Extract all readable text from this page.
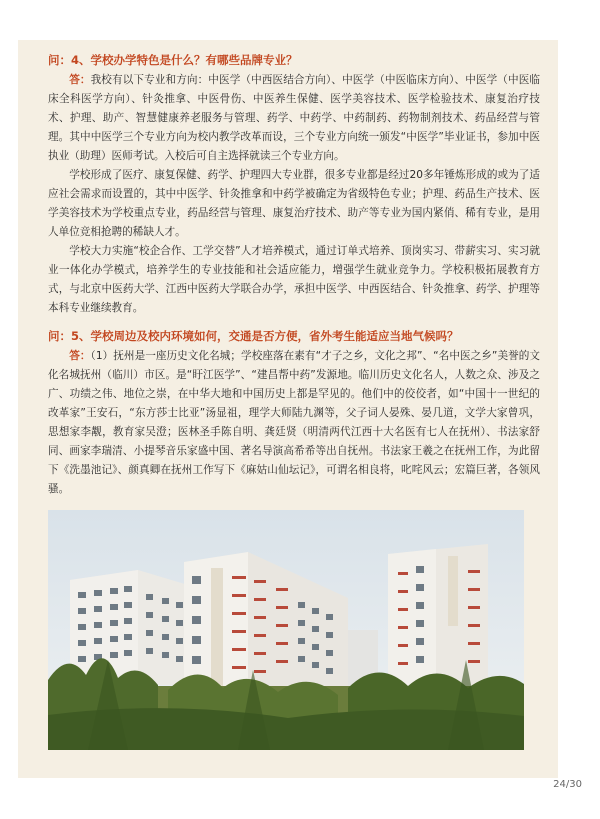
问：4、学校办学特色是什么？有哪些品牌专业？

答：我校有以下专业和方向：中医学（中西医结合方向）、中医学（中医临床方向）、中医学（中医临床全科医学方向）、针灸推拿、中医骨伤、中医养生保健、医学美容技术、医学检验技术、康复治疗技术、护理、助产、智慧健康养老服务与管理、药学、中药学、中药制药、药物制剂技术、药品经营与管理。其中中医学三个专业方向为校内教学改革而设，三个专业方向统一颁发“中医学”毕业证书，参加中医执业（助理）医师考试。入校后可自主选择就读三个专业方向。

学校形成了医疗、康复保健、药学、护理四大专业群，很多专业都是经过20多年锤炼形成的或为了适应社会需求而设置的，其中中医学、针灸推拿和中药学被确定为省级特色专业；护理、药品生产技术、医学美容技术为学校重点专业，药品经营与管理、康复治疗技术、助产等专业为国内紧俏、稀有专业，是用人单位竞相抢聘的稀缺人才。

学校大力实施“校企合作、工学交替”人才培养模式，通过订单式培养、顶岗实习、带薪实习、实习就业一体化办学模式，培养学生的专业技能和社会适应能力，增强学生就业竞争力。学校积极拓展教育方式，与北京中医药大学、江西中医药大学联合办学，承担中医学、中西医结合、针灸推拿、药学、护理等本科专业继续教育。

问：5、学校周边及校内环境如何，交通是否方便，省外考生能适应当地气候吗？

答：（1）抚州是一座历史文化名城；学校座落在素有“才子之乡，文化之邦”、“名中医之乡”美誉的文化名城抚州（临川）市区。是“盱江医学”、“建昌帮中药”发源地。临川历史文化名人，人数之众、涉及之广、功绩之伟、地位之崇，在中华大地和中国历史上都是罕见的。他们中的佼佼者，如“中国十一世纪的改革家”王安石，“东方莎士比亚”汤显祖，理学大师陆九渊等，父子词人晏殊、晏几道，文学大家曾巩，思想家李觏，教育家吴澄；医林圣手陈自明、龚廷贤（明清两代江西十大名医有七人在抚州）、书法家舒同、画家李瑞清、小提琴音乐家盛中国、著名导演高希希等出自抚州。书法家王羲之在抚州工作，为此留下《洗墨池记》、颜真卿在抚州工作写下《麻姑山仙坛记》，可谓名相良将，叱咤风云；宏篇巨著，各领风骚。

24/30
